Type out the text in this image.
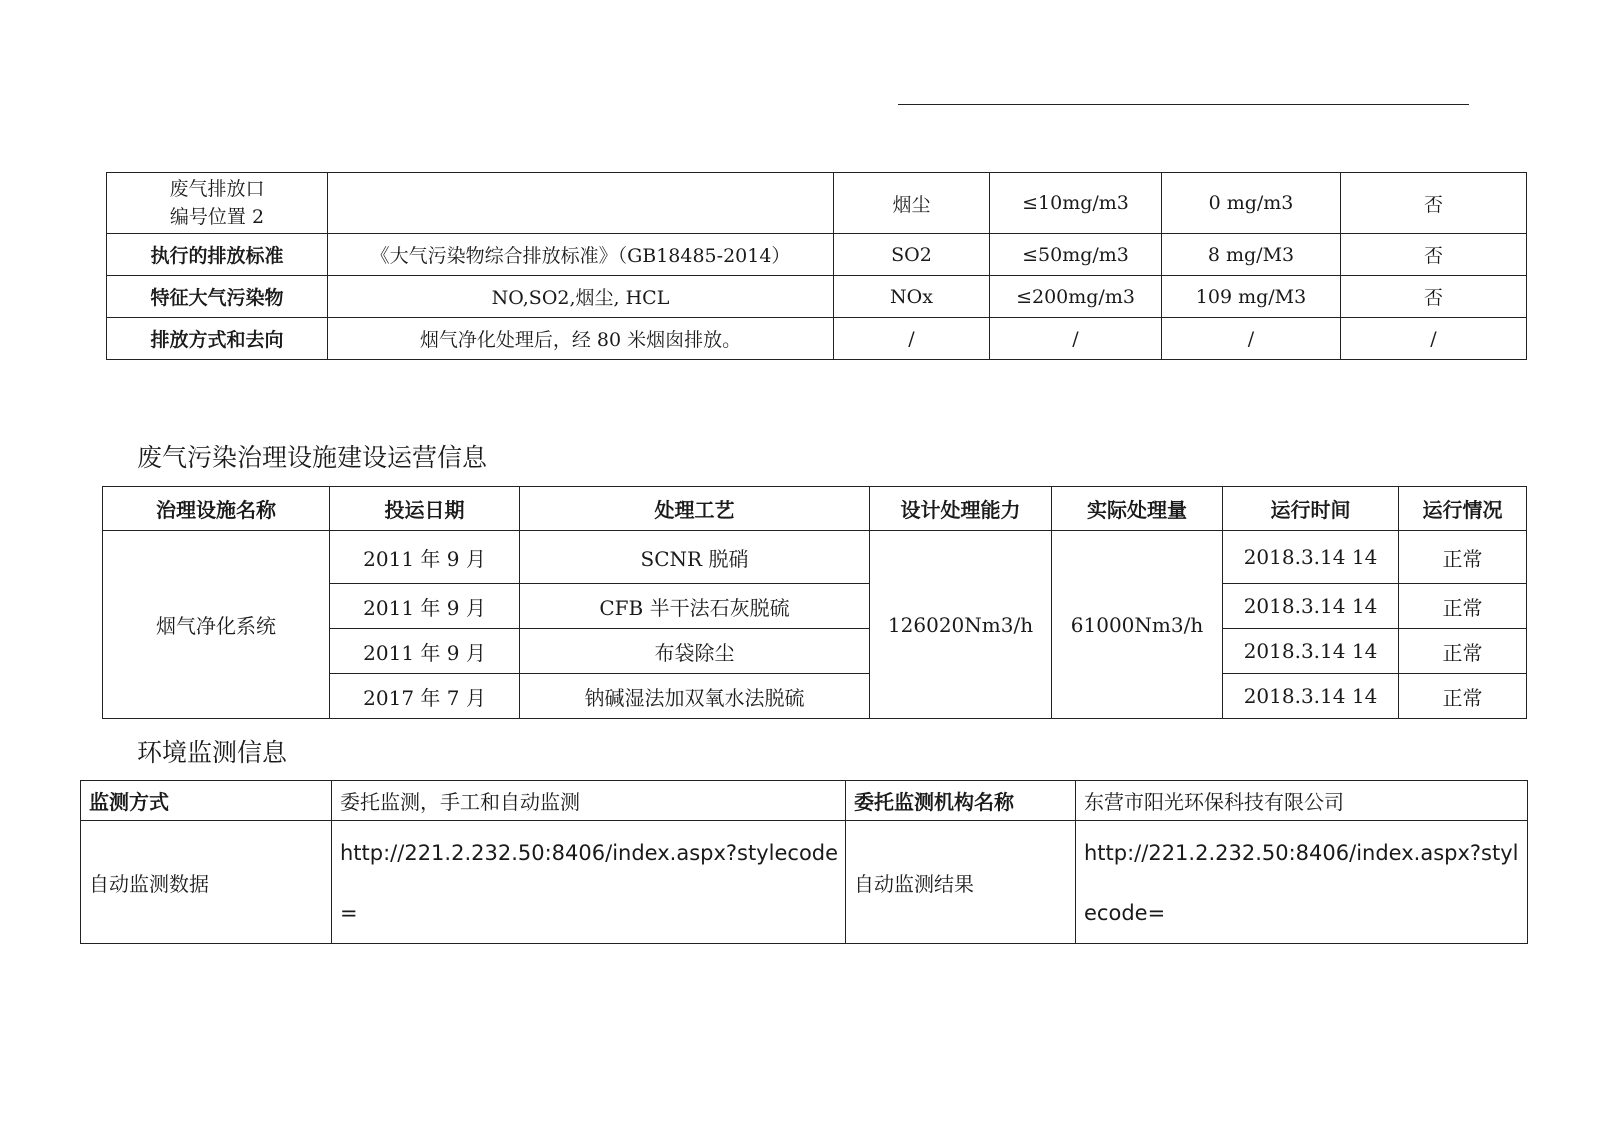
废气排放口
编号位置 2		烟尘	≤10mg/m3	0 mg/m3	否
执行的排放标准	《大气污染物综合排放标准》（GB18485-2014）	SO2	≤50mg/m3	8 mg/M3	否
特征大气污染物	NO,SO2,烟尘, HCL	NOx	≤200mg/m3	109 mg/M3	否
排放方式和去向	烟气净化处理后，经 80 米烟囱排放。	/	/	/	/
废气污染治理设施建设运营信息
治理设施名称	投运日期	处理工艺	设计处理能力	实际处理量	运行时间	运行情况
烟气净化系统	2011 年 9 月	SCNR 脱硝	126020Nm3/h	61000Nm3/h	2018.3.14 14	正常
	2011 年 9 月	CFB 半干法石灰脱硫			2018.3.14 14	正常
	2011 年 9 月	布袋除尘			2018.3.14 14	正常
	2017 年 7 月	钠碱湿法加双氧水法脱硫			2018.3.14 14	正常
环境监测信息
监测方式	委托监测，手工和自动监测	委托监测机构名称	东营市阳光环保科技有限公司
自动监测数据	http://221.2.232.50:8406/index.aspx?stylecode=	自动监测结果	http://221.2.232.50:8406/index.aspx?stylecode=
